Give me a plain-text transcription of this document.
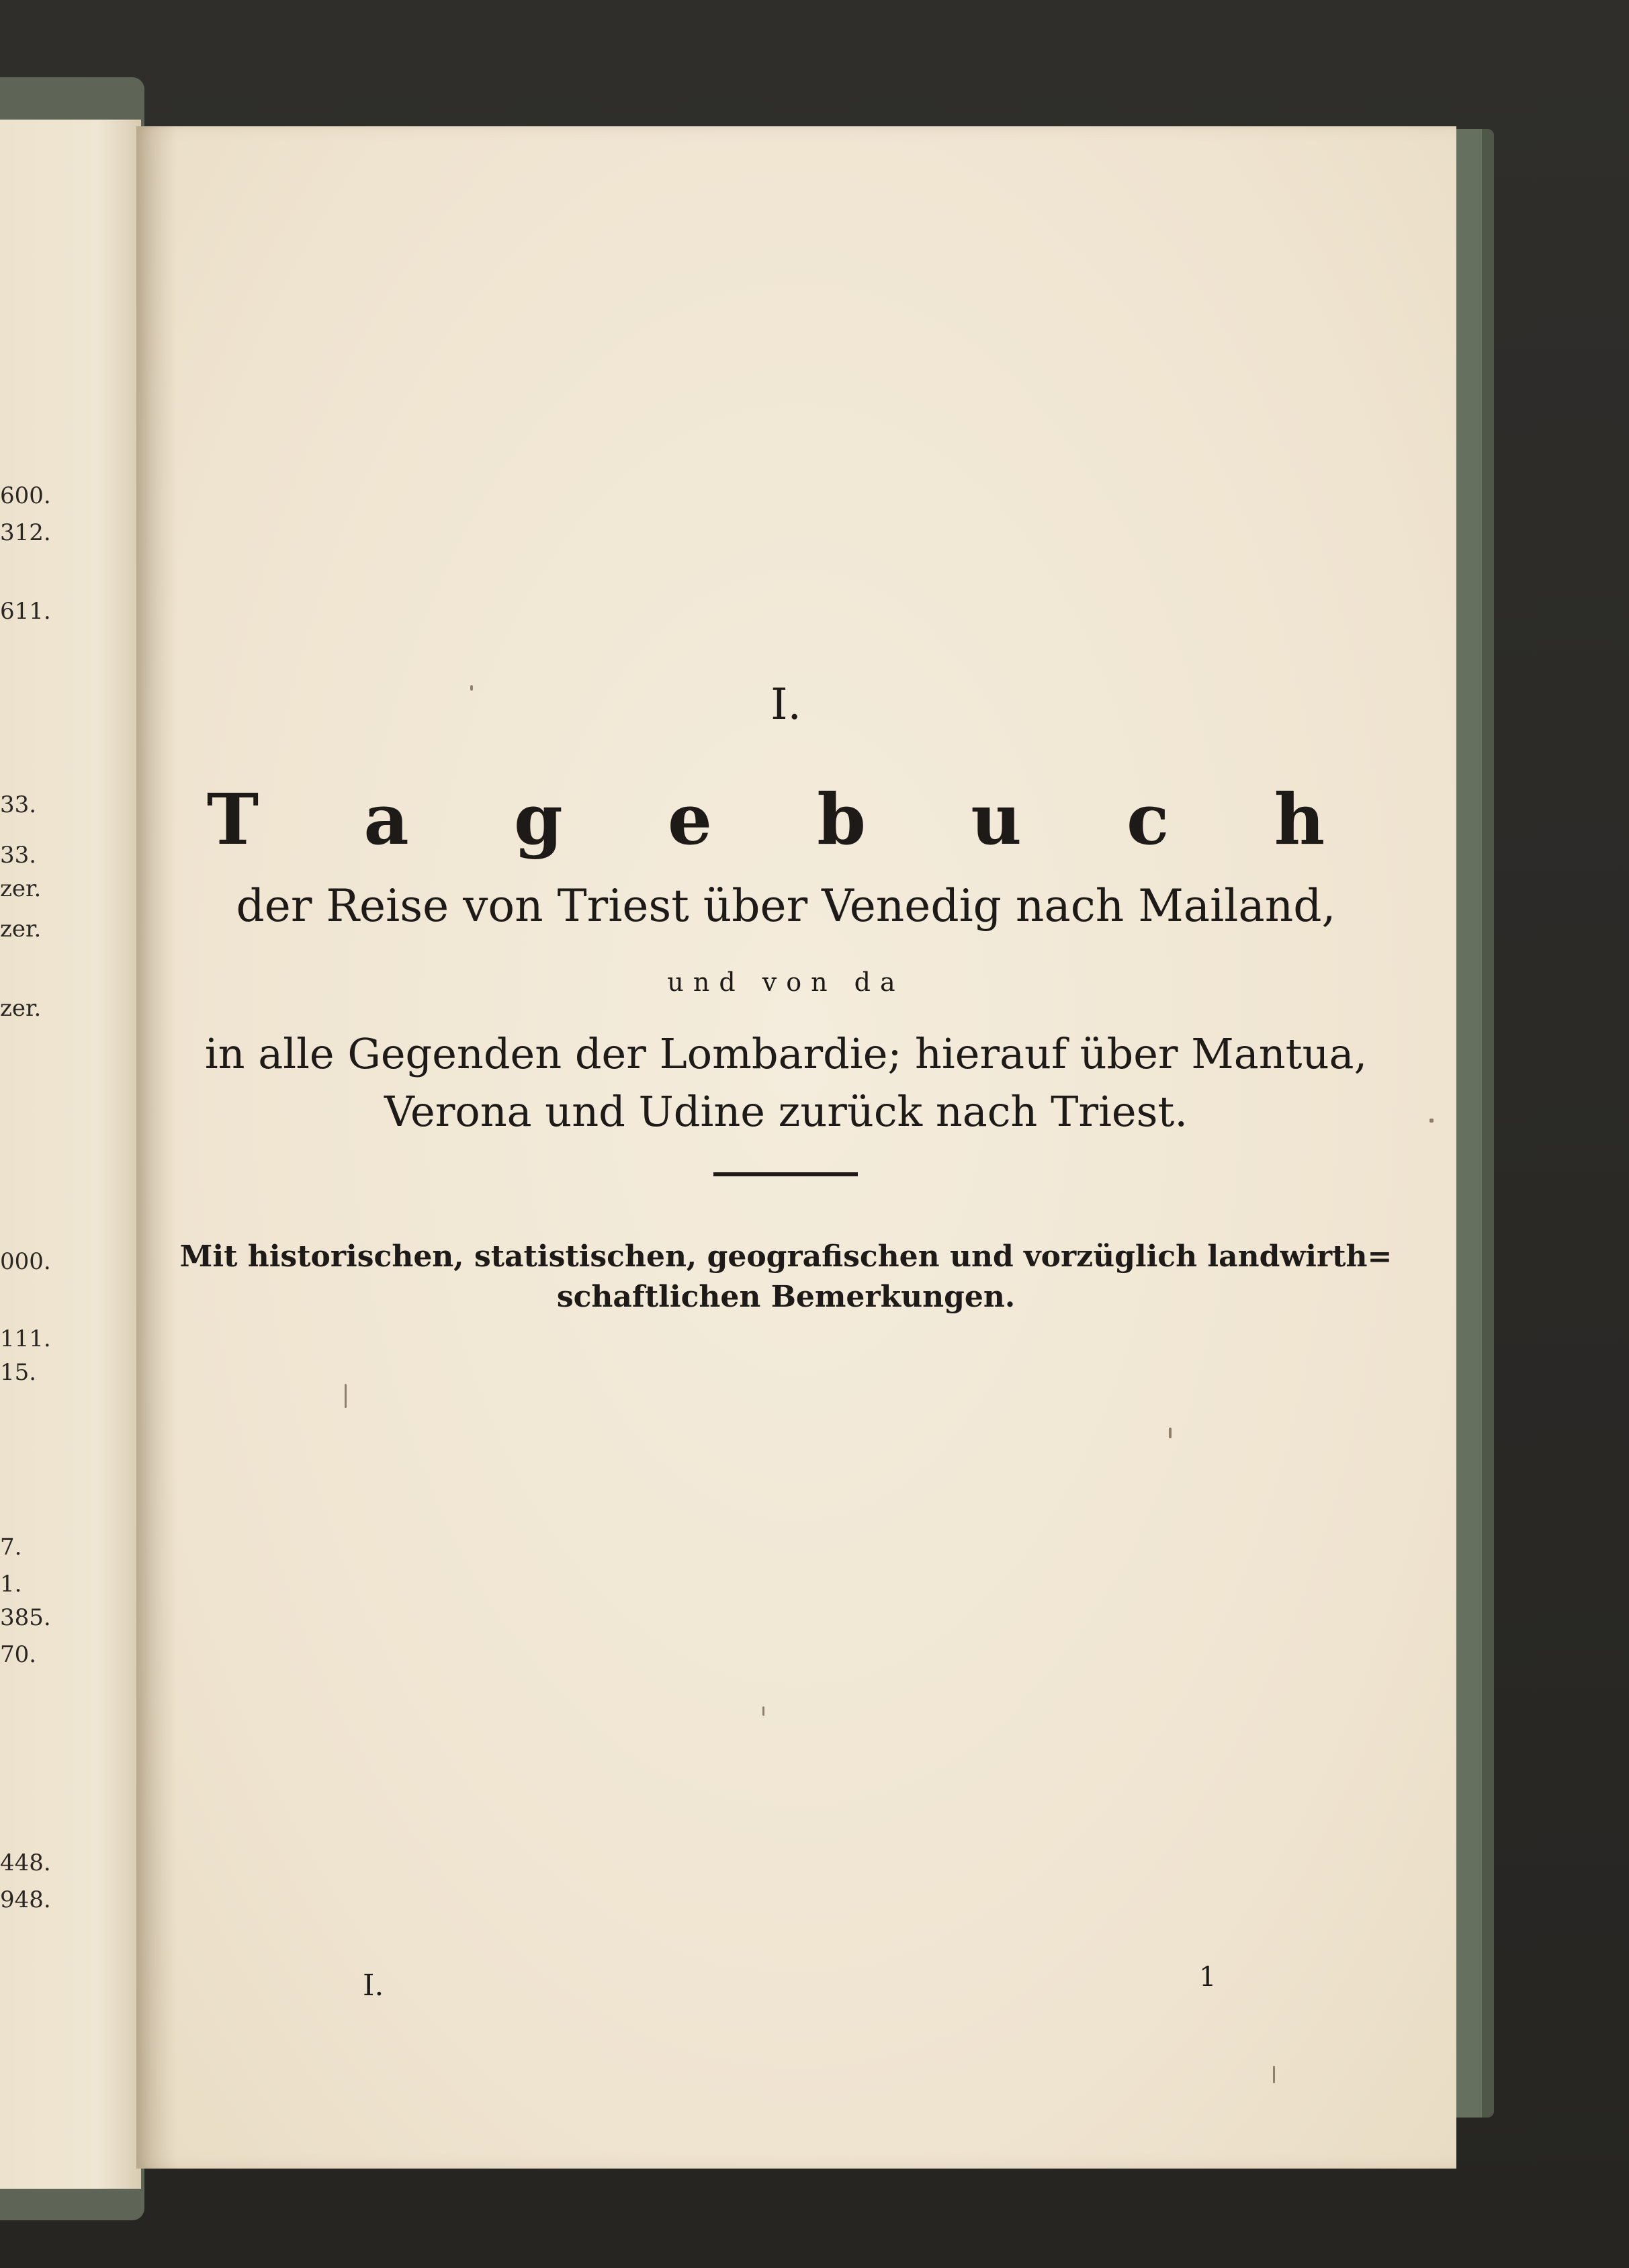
600.
312.
611.
33.
33.
zer.
zer.
zer.
000.
111.
15.
7.
1.
385.
70.
448.
948.
I.
T a g e b u c h
der Reise von Triest über Venedig nach Mailand,
und von da
in alle Gegenden der Lombardie; hierauf über Mantua,
Verona und Udine zurück nach Triest.
Mit historischen, statistischen, geografischen und vorzüglich landwirth=
schaftlichen Bemerkungen.
I.	1
